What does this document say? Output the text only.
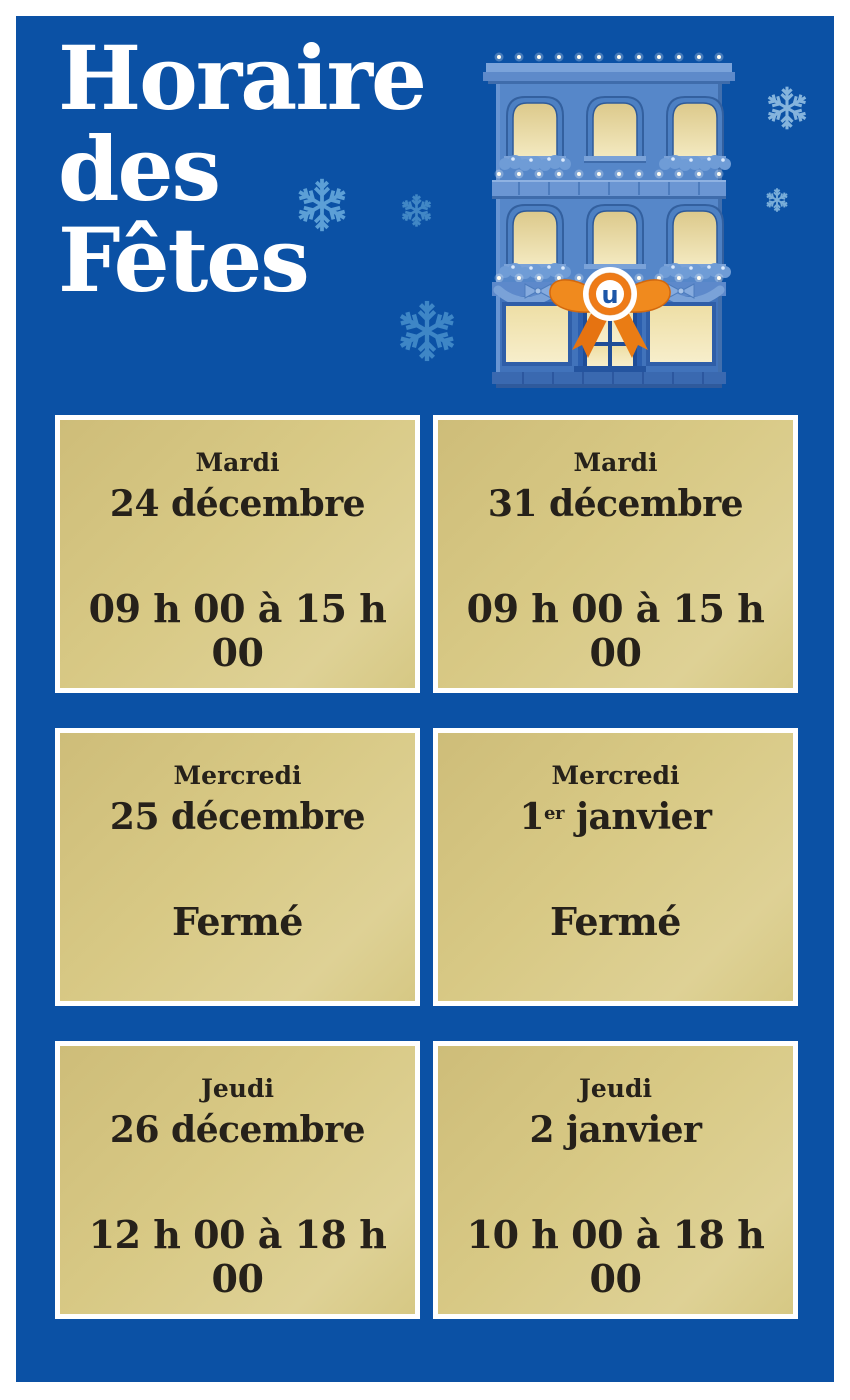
Horaire
des
Fêtes	u
Mardi
24 décembre
09 h 00 à 15 h 00
Mardi
31 décembre
09 h 00 à 15 h 00
Mercredi
25 décembre
Fermé
Mercredi
1er janvier
Fermé
Jeudi
26 décembre
12 h 00 à 18 h 00
Jeudi
2 janvier
10 h 00 à 18 h 00
